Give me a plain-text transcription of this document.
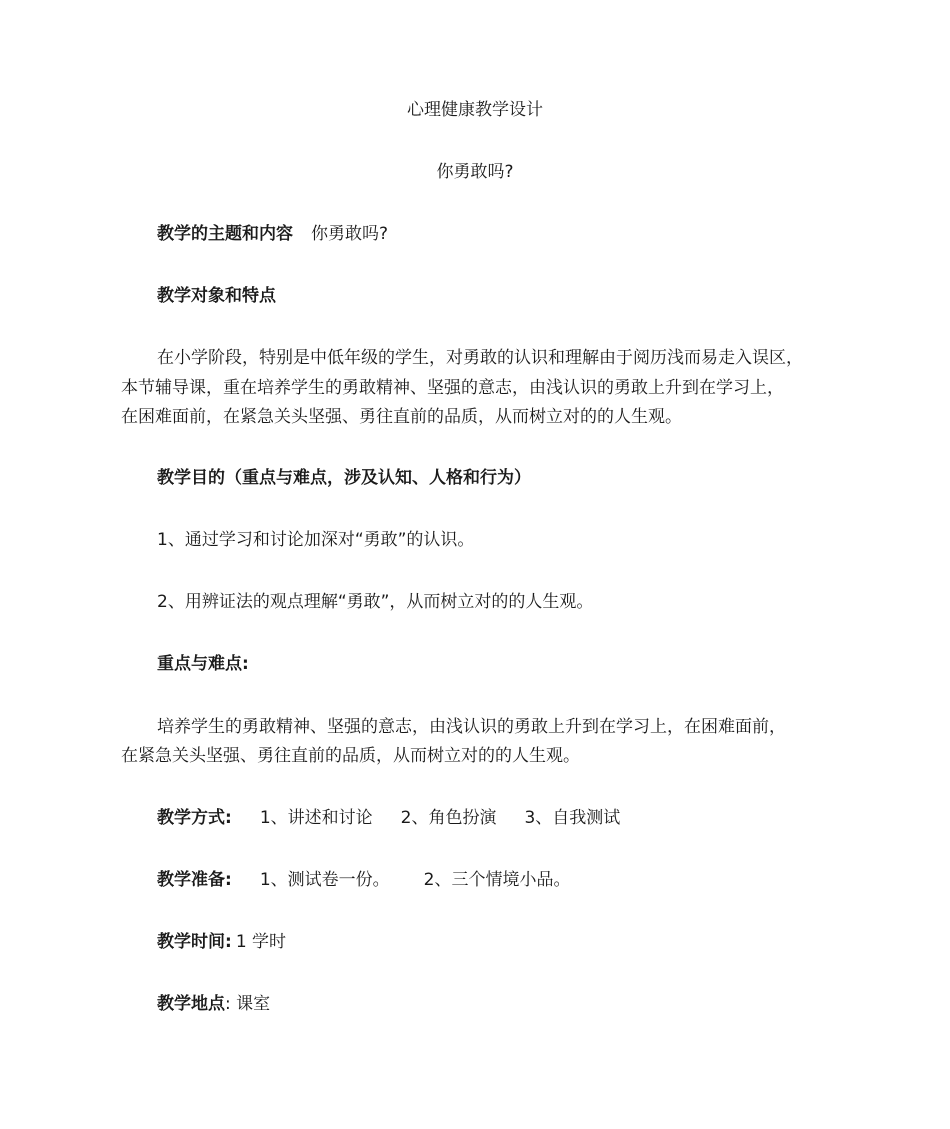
心理健康教学设计
你勇敢吗?
教学的主题和内容 你勇敢吗?
教学对象和特点
在小学阶段，特别是中低年级的学生，对勇敢的认识和理解由于阅历浅而易走入误区，
本节辅导课，重在培养学生的勇敢精神、坚强的意志，由浅认识的勇敢上升到在学习上，
在困难面前，在紧急关头坚强、勇往直前的品质，从而树立对的的人生观。
教学目的（重点与难点，涉及认知、人格和行为）
1、通过学习和讨论加深对“勇敢”的认识。
2、用辨证法的观点理解“勇敢”，从而树立对的的人生观。
重点与难点:
培养学生的勇敢精神、坚强的意志，由浅认识的勇敢上升到在学习上，在困难面前，
在紧急关头坚强、勇往直前的品质，从而树立对的的人生观。
教学方式: 1、讲述和讨论 2、角色扮演 3、自我测试
教学准备: 1、测试卷一份。 2、三个情境小品。
教学时间: 1 学时
教学地点: 课室
